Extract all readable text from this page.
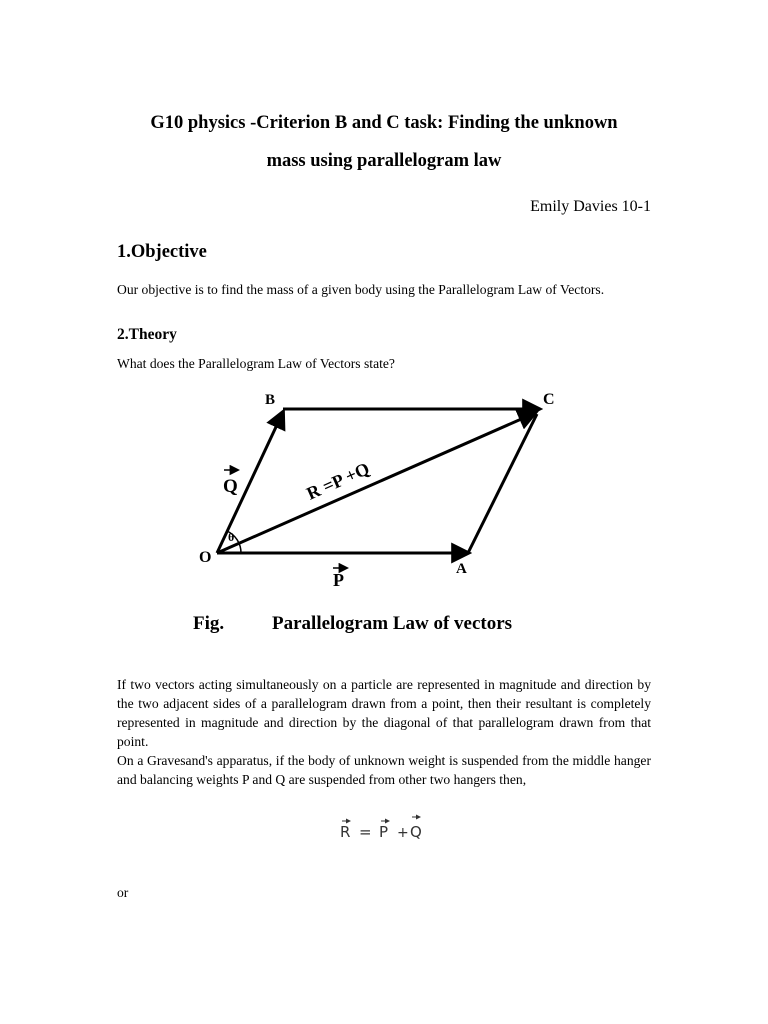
G10 physics -Criterion B and C task: Finding the unknown
mass using parallelogram law
Emily Davies 10-1
1.Objective

Our objective is to find the mass of a given body using the Parallelogram Law of Vectors.

2.Theory

What does the Parallelogram Law of Vectors state?

O
A
B	C
θ
P
Q	R =P +Q
Fig.	Parallelogram Law of vectors

If two vectors acting simultaneously on a particle are represented in magnitude and direction by the two adjacent sides of a parallelogram drawn from a point, then their resultant is completely represented in magnitude and direction by the diagonal of that parallelogram drawn from that point.

On a Gravesand's apparatus, if the body of unknown weight is suspended from the middle hanger and balancing weights P and Q are suspended from other two hangers then,

R = P + Q

or
